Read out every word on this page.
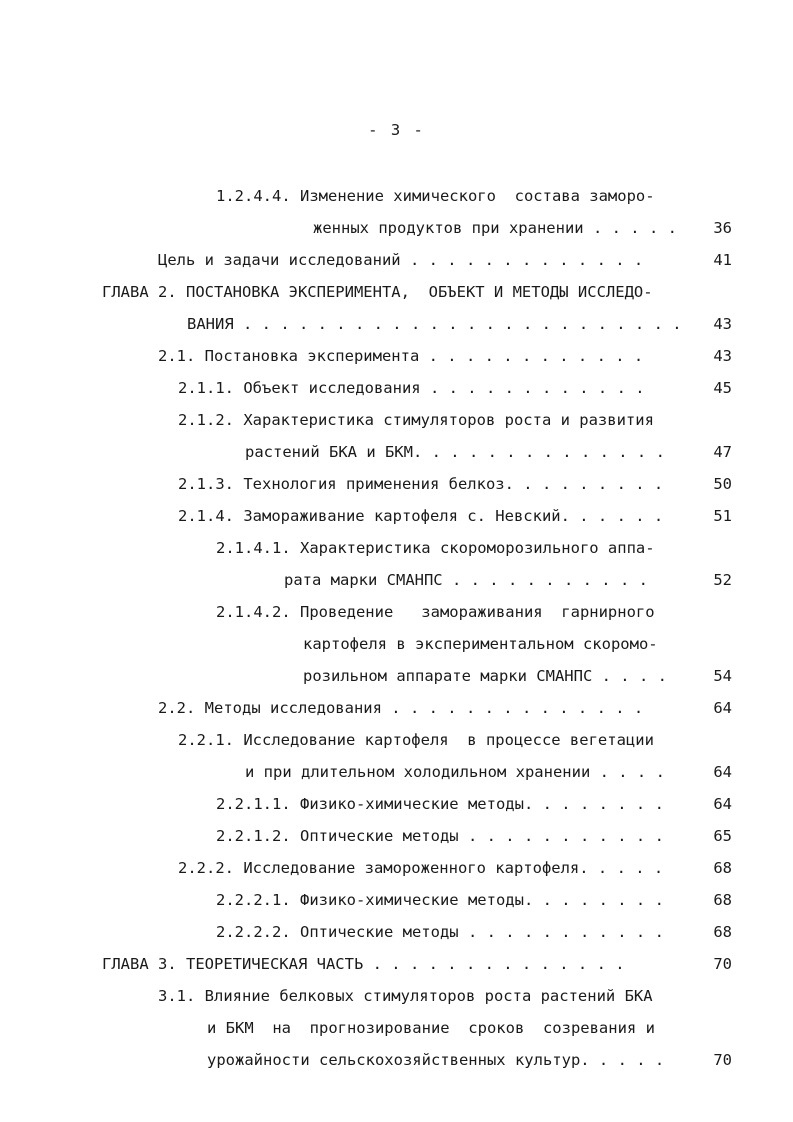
- 3 -
1.2.4.4. Изменение химического  состава заморо-
женных продуктов при хранении . . . . .	36
Цель и задачи исследований . . . . . . . . . . . . .	41
ГЛАВА 2. ПОСТАНОВКА ЭКСПЕРИМЕНТА,  ОБЪЕКТ И МЕТОДЫ ИССЛЕДО-
ВАНИЯ . . . . . . . . . . . . . . . . . . . . . . . .	43
2.1. Постановка эксперимента . . . . . . . . . . . .	43
2.1.1. Объект исследования . . . . . . . . . . . .	45
2.1.2. Характеристика стимуляторов роста и развития
растений БКА и БКМ. . . . . . . . . . . . . .	47
2.1.3. Технология применения белкоз. . . . . . . . .	50
2.1.4. Замораживание картофеля с. Невский. . . . . .	51
2.1.4.1. Характеристика скороморозильного аппа-
рата марки СМАНПС . . . . . . . . . . .	52
2.1.4.2. Проведение   замораживания  гарнирного
картофеля в экспериментальном скоромо-
розильном аппарате марки СМАНПС . . . .	54
2.2. Методы исследования . . . . . . . . . . . . . .	64
2.2.1. Исследование картофеля  в процессе вегетации
и при длительном холодильном хранении . . . .	64
2.2.1.1. Физико-химические методы. . . . . . . .	64
2.2.1.2. Оптические методы . . . . . . . . . . .	65
2.2.2. Исследование замороженного картофеля. . . . .	68
2.2.2.1. Физико-химические методы. . . . . . . .	68
2.2.2.2. Оптические методы . . . . . . . . . . .	68
ГЛАВА 3. ТЕОРЕТИЧЕСКАЯ ЧАСТЬ . . . . . . . . . . . . . .	70
3.1. Влияние белковых стимуляторов роста растений БКА
и БКМ  на  прогнозирование  сроков  созревания и
урожайности сельскохозяйственных культур. . . . .	70
